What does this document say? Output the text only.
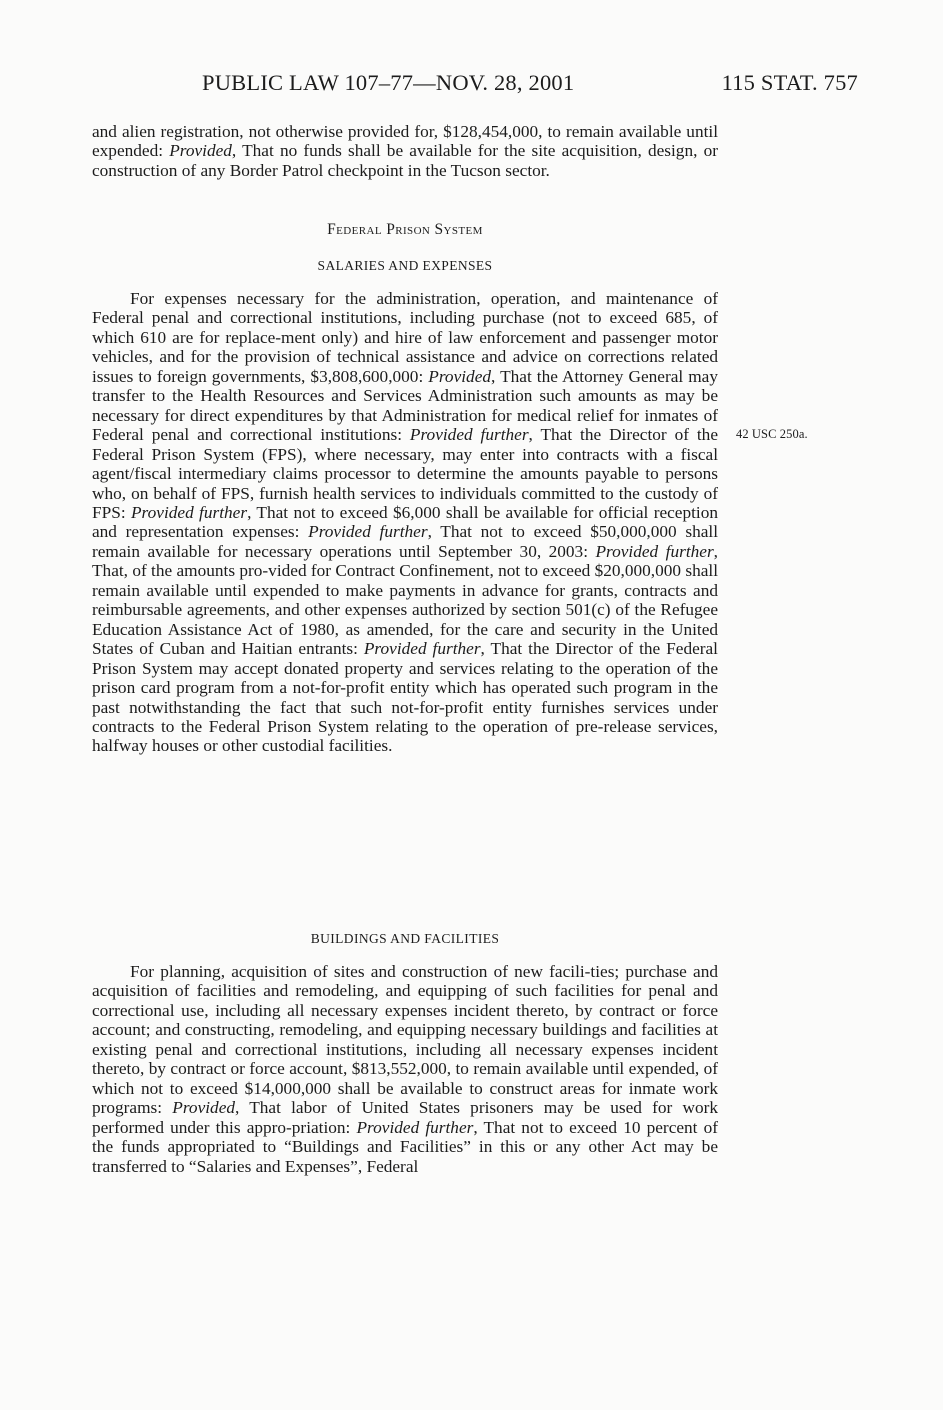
PUBLIC LAW 107–77—NOV. 28, 2001	115 STAT. 757

and alien registration, not otherwise provided for, $128,454,000, to remain available until expended: Provided, That no funds shall be available for the site acquisition, design, or construction of any Border Patrol checkpoint in the Tucson sector.

Federal Prison System

SALARIES AND EXPENSES

For expenses necessary for the administration, operation, and maintenance of Federal penal and correctional institutions, including purchase (not to exceed 685, of which 610 are for replace-ment only) and hire of law enforcement and passenger motor vehicles, and for the provision of technical assistance and advice on corrections related issues to foreign governments, $3,808,600,000: Provided, That the Attorney General may transfer to the Health Resources and Services Administration such amounts as may be necessary for direct expenditures by that Administration for medical relief for inmates of Federal penal and correctional institutions: Provided further, That the Director of the Federal Prison System (FPS), where necessary, may enter into contracts with a fiscal agent/fiscal intermediary claims processor to determine the amounts payable to persons who, on behalf of FPS, furnish health services to individuals committed to the custody of FPS: Provided further, That not to exceed $6,000 shall be available for official reception and representation expenses: Provided further, That not to exceed $50,000,000 shall remain available for necessary operations until September 30, 2003: Provided further, That, of the amounts pro-vided for Contract Confinement, not to exceed $20,000,000 shall remain available until expended to make payments in advance for grants, contracts and reimbursable agreements, and other expenses authorized by section 501(c) of the Refugee Education Assistance Act of 1980, as amended, for the care and security in the United States of Cuban and Haitian entrants: Provided further, That the Director of the Federal Prison System may accept donated property and services relating to the operation of the prison card program from a not-for-profit entity which has operated such program in the past notwithstanding the fact that such not-for-profit entity furnishes services under contracts to the Federal Prison System relating to the operation of pre-release services, halfway houses or other custodial facilities.

42 USC 250a.

BUILDINGS AND FACILITIES

For planning, acquisition of sites and construction of new facili-ties; purchase and acquisition of facilities and remodeling, and equipping of such facilities for penal and correctional use, including all necessary expenses incident thereto, by contract or force account; and constructing, remodeling, and equipping necessary buildings and facilities at existing penal and correctional institutions, including all necessary expenses incident thereto, by contract or force account, $813,552,000, to remain available until expended, of which not to exceed $14,000,000 shall be available to construct areas for inmate work programs: Provided, That labor of United States prisoners may be used for work performed under this appro-priation: Provided further, That not to exceed 10 percent of the funds appropriated to “Buildings and Facilities” in this or any other Act may be transferred to “Salaries and Expenses”, Federal
